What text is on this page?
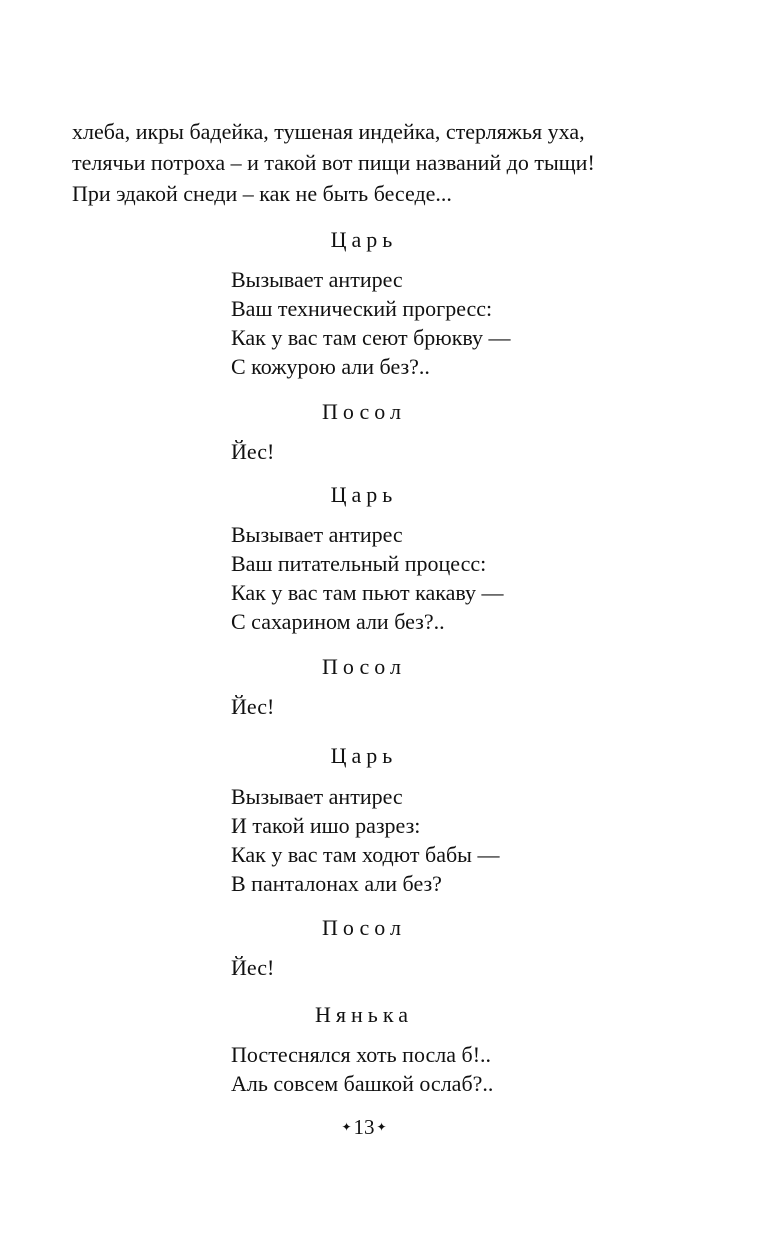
хлеба, икры бадейка, тушеная индейка, стерляжья уха,
телячьи потроха – и такой вот пищи названий до тыщи!
При эдакой снеди – как не быть беседе...
Царь
Вызывает антирес
Ваш технический прогресс:
Как у вас там сеют брюкву —
С кожурою али без?..
Посол
Йес!
Царь
Вызывает антирес
Ваш питательный процесс:
Как у вас там пьют какаву —
С сахарином али без?..
Посол
Йес!
Царь
Вызывает антирес
И такой ишо разрез:
Как у вас там ходют бабы —
В панталонах али без?
Посол
Йес!
Нянька
Постеснялся хоть посла б!..
Аль совсем башкой ослаб?..
✦13 ✦
